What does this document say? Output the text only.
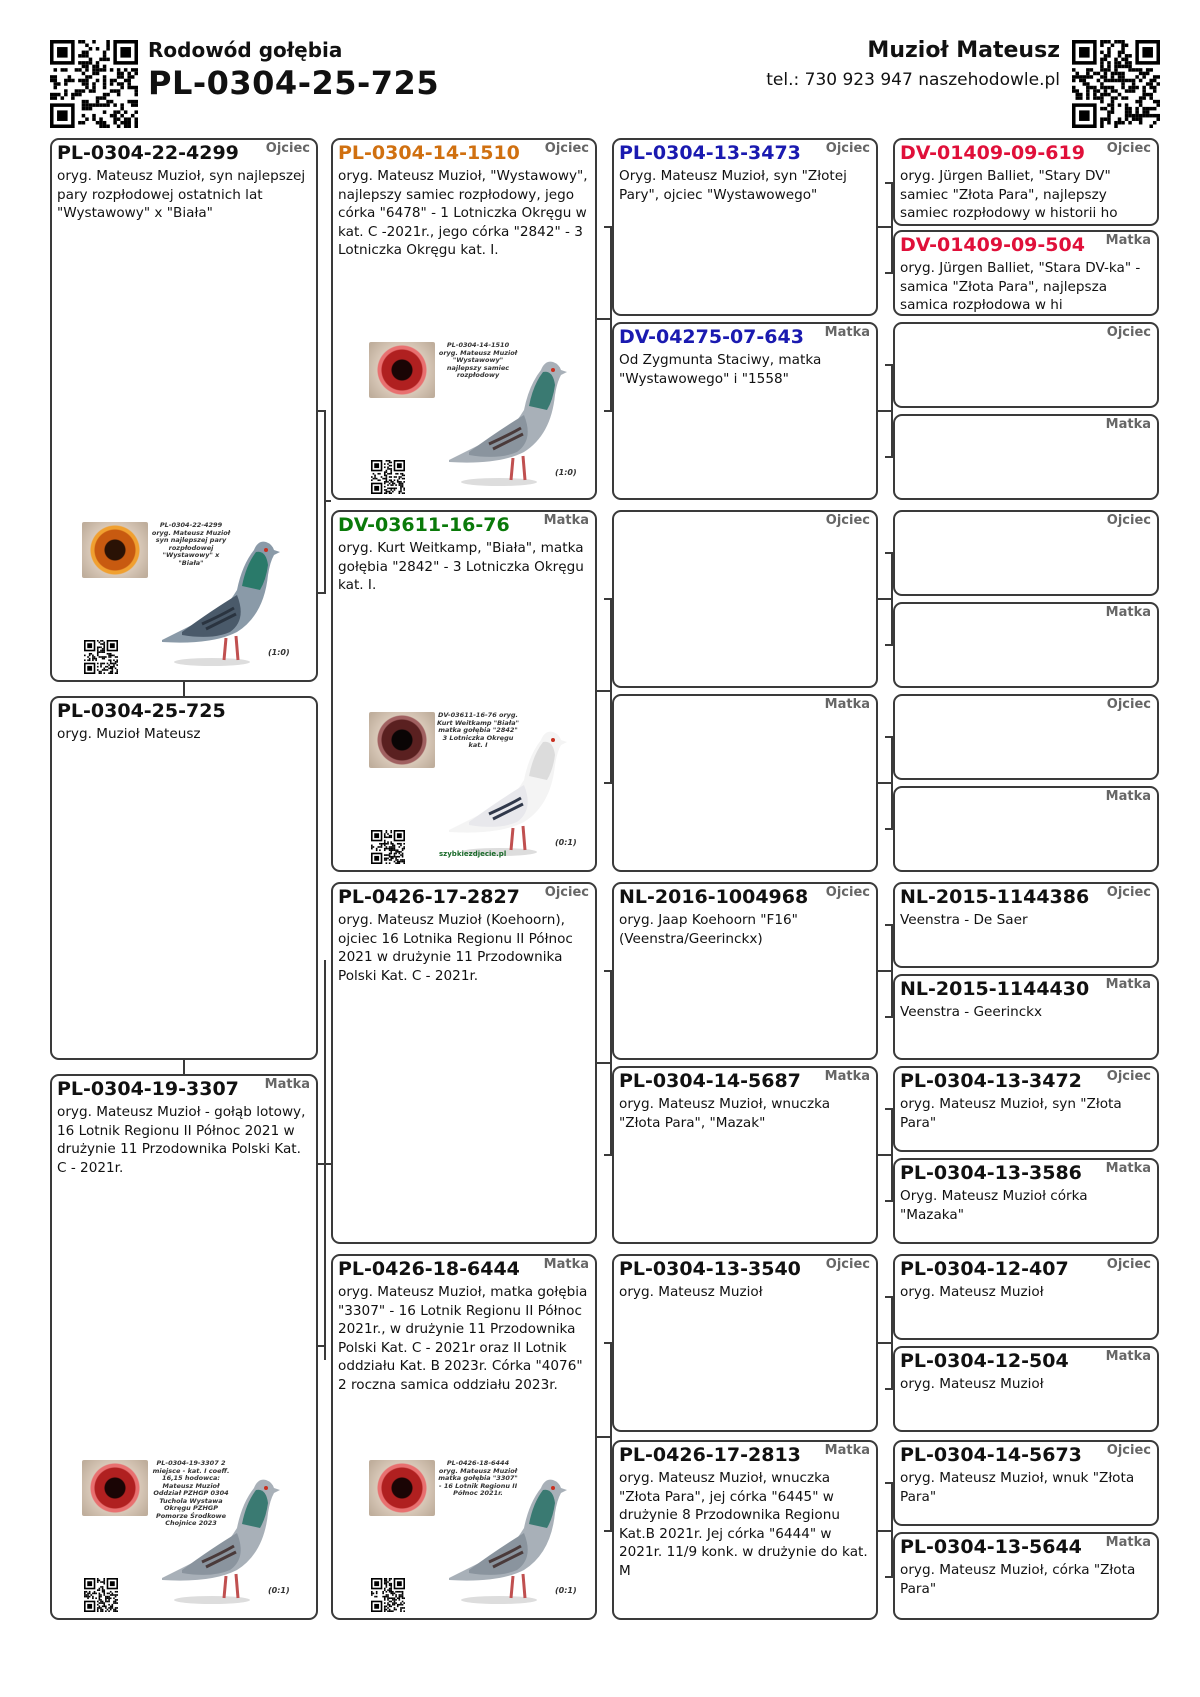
Rodowód gołębia
PL-0304-25-725
Muzioł Mateusz
tel.: 730 923 947 naszehodowle.pl
PL-0304-22-4299 Ojciec
oryg. Mateusz Muzioł, syn najlepszej pary rozpłodowej ostatnich lat "Wystawowy" x "Biała"
PL-0304-22-4299 oryg. Mateusz Muzioł syn najlepszej pary rozpłodowej "Wystawowy" x "Biała"
(1:0)
PL-0304-25-725
oryg. Muzioł Mateusz
PL-0304-19-3307 Matka
oryg. Mateusz Muzioł - gołąb lotowy, 16 Lotnik Regionu II Północ 2021 w drużynie 11 Przodownika Polski Kat. C - 2021r.
PL-0304-19-3307 2 miejsce - kat. I coeff. 16,15 hodowca: Mateusz Muzioł Oddział PZHGP 0304 Tuchola Wystawa Okręgu PZHGP Pomorze Środkowe Chojnice 2023
(0:1)
PL-0304-14-1510 Ojciec
oryg. Mateusz Muzioł, "Wystawowy", najlepszy samiec rozpłodowy, jego córka "6478" - 1 Lotniczka Okręgu w kat. C -2021r., jego córka "2842" - 3 Lotniczka Okręgu kat. I.
PL-0304-14-1510 oryg. Mateusz Muzioł "Wystawowy" najlepszy samiec rozpłodowy
(1:0)
DV-03611-16-76	Matka
oryg. Kurt Weitkamp, "Biała", matka gołębia "2842" - 3 Lotniczka Okręgu kat. I.
DV-03611-16-76 oryg. Kurt Weitkamp "Biała" matka gołębia "2842" 3 Lotniczka Okręgu kat. I
(0:1)
szybkiezdjecie.pl
PL-0426-17-2827 Ojciec
oryg. Mateusz Muzioł (Koehoorn), ojciec 16 Lotnika Regionu II Północ 2021 w drużynie 11 Przodownika Polski Kat. C - 2021r.
PL-0426-18-6444 Matka
oryg. Mateusz Muzioł, matka gołębia "3307" - 16 Lotnik Regionu II Północ 2021r., w drużynie 11 Przodownika Polski Kat. C - 2021r oraz II Lotnik oddziału Kat. B 2023r. Córka "4076" 2 roczna samica oddziału 2023r.
PL-0426-18-6444 oryg. Mateusz Muzioł matka gołębia "3307" - 16 Lotnik Regionu II Północ 2021r.
(0:1)
PL-0304-13-3473 Ojciec
Oryg. Mateusz Muzioł, syn "Złotej Pary", ojciec "Wystawowego"
DV-04275-07-643 Matka
Od Zygmunta Staciwy, matka "Wystawowego" i "1558"
Ojciec
Matka
NL-2016-1004968 Ojciec
oryg. Jaap Koehoorn "F16" (Veenstra/Geerinckx)
PL-0304-14-5687 Matka
oryg. Mateusz Muzioł, wnuczka "Złota Para", "Mazak"
PL-0304-13-3540 Ojciec
oryg. Mateusz Muzioł
PL-0426-17-2813 Matka
oryg. Mateusz Muzioł, wnuczka "Złota Para", jej córka "6445" w drużynie 8 Przodownika Regionu Kat.B 2021r. Jej córka "6444" w 2021r. 11/9 konk. w drużynie do kat. M
DV-01409-09-619 Ojciec
oryg. Jürgen Balliet, "Stary DV" samiec "Złota Para", najlepszy samiec rozpłodowy w historii ho
DV-01409-09-504 Matka
oryg. Jürgen Balliet, "Stara DV-ka" - samica "Złota Para", najlepsza samica rozpłodowa w hi
Ojciec
Matka
Ojciec
Matka
Ojciec
Matka
NL-2015-1144386 Ojciec
Veenstra - De Saer
NL-2015-1144430 Matka
Veenstra - Geerinckx
PL-0304-13-3472 Ojciec
oryg. Mateusz Muzioł, syn "Złota Para"
PL-0304-13-3586 Matka
Oryg. Mateusz Muzioł córka "Mazaka"
PL-0304-12-407	Ojciec
oryg. Mateusz Muzioł
PL-0304-12-504	Matka
oryg. Mateusz Muzioł
PL-0304-14-5673 Ojciec
oryg. Mateusz Muzioł, wnuk "Złota Para"
PL-0304-13-5644 Matka
oryg. Mateusz Muzioł, córka "Złota Para"
